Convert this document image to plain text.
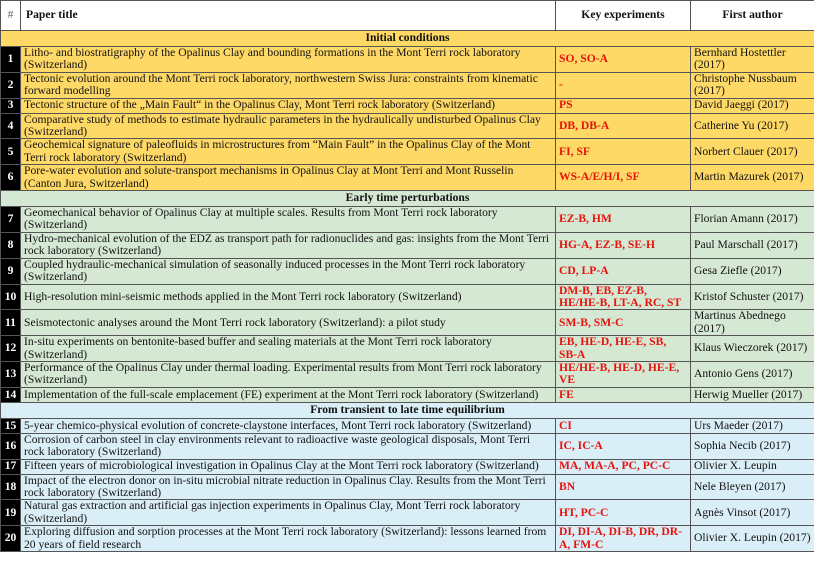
#	Paper title	Key experiments	First author
Initial conditions			
1	Litho- and biostratigraphy of the Opalinus Clay and bounding formations in the Mont Terri rock laboratory (Switzerland)	SO, SO-A	Bernhard Hostettler (2017)
2	Tectonic evolution around the Mont Terri rock laboratory, northwestern Swiss Jura: constraints from kinematic forward modelling	-	Christophe Nussbaum (2017)
3	Tectonic structure of the „Main Fault“ in the Opalinus Clay, Mont Terri rock laboratory (Switzerland)	PS	David Jaeggi (2017)
4	Comparative study of methods to estimate hydraulic parameters in the hydraulically undisturbed Opalinus Clay (Switzerland)	DB, DB-A	Catherine Yu (2017)
5	Geochemical signature of paleofluids in microstructures from “Main Fault” in the Opalinus Clay of the Mont Terri rock laboratory (Switzerland)	FI, SF	Norbert Clauer (2017)
6	Pore-water evolution and solute-transport mechanisms in Opalinus Clay at Mont Terri and Mont Russelin (Canton Jura, Switzerland)	WS-A/E/H/I, SF	Martin Mazurek (2017)
Early time perturbations			
7	Geomechanical behavior of Opalinus Clay at multiple scales. Results from Mont Terri rock laboratory (Switzerland)	EZ-B, HM	Florian Amann (2017)
8	Hydro-mechanical evolution of the EDZ as transport path for radionuclides and gas: insights from the Mont Terri rock laboratory (Switzerland)	HG-A, EZ-B, SE-H	Paul Marschall (2017)
9	Coupled hydraulic-mechanical simulation of seasonally induced processes in the Mont Terri rock laboratory (Switzerland)	CD, LP-A	Gesa Ziefle (2017)
10	High-resolution mini-seismic methods applied in the Mont Terri rock laboratory (Switzerland)	DM-B, EB, EZ-B, HE/HE-B, LT-A, RC, ST	Kristof Schuster (2017)
11	Seismotectonic analyses around the Mont Terri rock laboratory (Switzerland): a pilot study	SM-B, SM-C	Martinus Abednego (2017)
12	In-situ experiments on bentonite-based buffer and sealing materials at the Mont Terri rock laboratory (Switzerland)	EB, HE-D, HE-E, SB, SB-A	Klaus Wieczorek (2017)
13	Performance of the Opalinus Clay under thermal loading. Experimental results from Mont Terri rock laboratory (Switzerland)	HE/HE-B, HE-D, HE-E, VE	Antonio Gens (2017)
14	Implementation of the full-scale emplacement (FE) experiment at the Mont Terri rock laboratory (Switzerland)	FE	Herwig Mueller (2017)
From transient to late time equilibrium			
15	5-year chemico-physical evolution of concrete-claystone interfaces, Mont Terri rock laboratory (Switzerland)	CI	Urs Maeder (2017)
16	Corrosion of carbon steel in clay environments relevant to radioactive waste geological disposals, Mont Terri rock laboratory (Switzerland)	IC, IC-A	Sophia Necib (2017)
17	Fifteen years of microbiological investigation in Opalinus Clay at the Mont Terri rock laboratory (Switzerland)	MA, MA-A, PC, PC-C	Olivier X. Leupin
18	Impact of the electron donor on in-situ microbial nitrate reduction in Opalinus Clay. Results from the Mont Terri rock laboratory (Switzerland)	BN	Nele Bleyen (2017)
19	Natural gas extraction and artificial gas injection experiments in Opalinus Clay, Mont Terri rock laboratory (Switzerland)	HT, PC-C	Agnès Vinsot (2017)
20	Exploring diffusion and sorption processes at the Mont Terri rock laboratory (Switzerland): lessons learned from 20 years of field research	DI, DI-A, DI-B, DR, DR-A, FM-C	Olivier X. Leupin (2017)
